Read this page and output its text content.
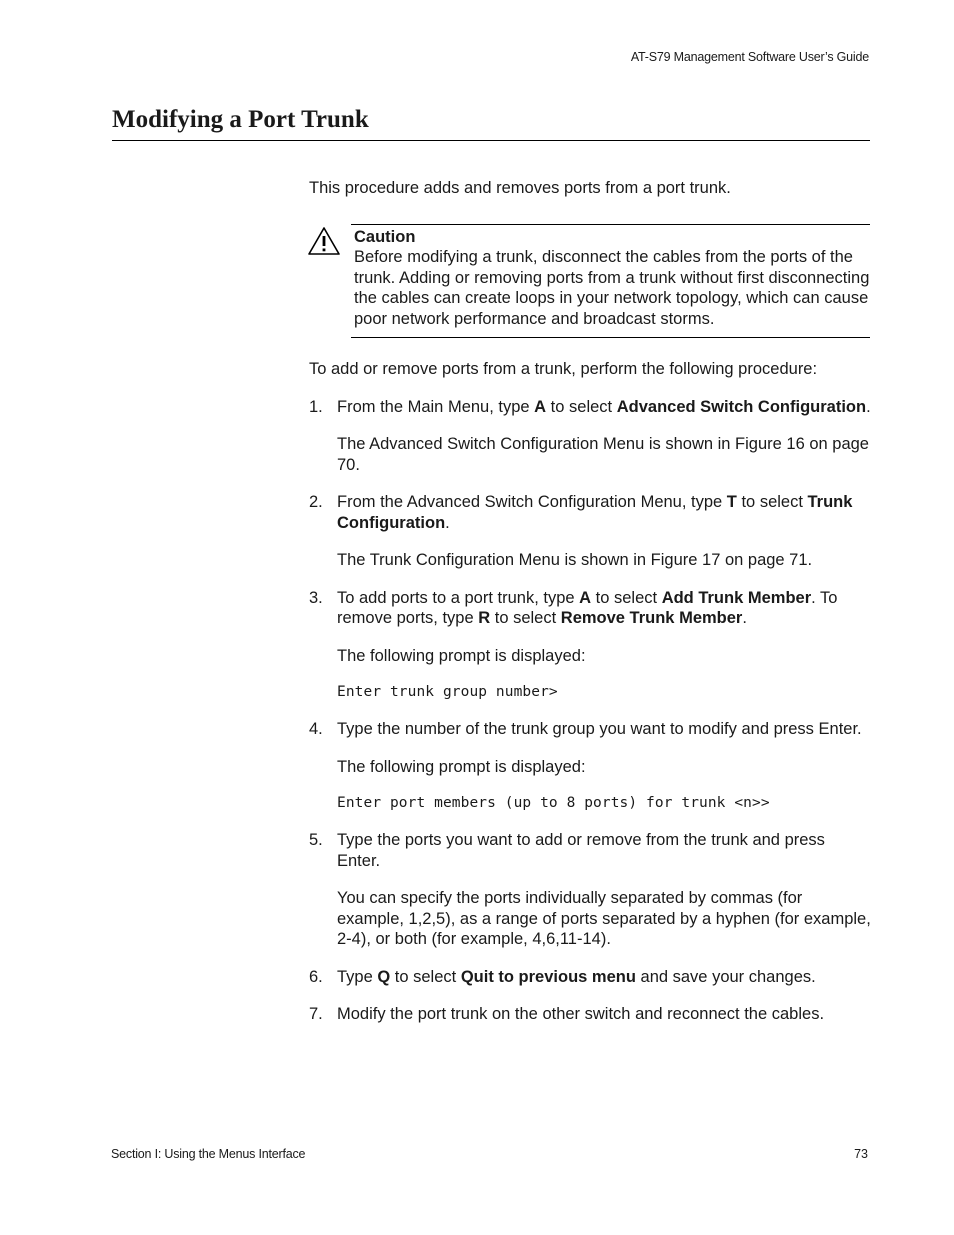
AT-S79 Management Software User’s Guide
Modifying a Port Trunk

This procedure adds and removes ports from a port trunk.

Caution

Before modifying a trunk, disconnect the cables from the ports of the trunk. Adding or removing ports from a trunk without first disconnecting the cables can create loops in your network topology, which can cause poor network performance and broadcast storms.

To add or remove ports from a trunk, perform the following procedure:

1. From the Main Menu, type A to select Advanced Switch Configuration.

The Advanced Switch Configuration Menu is shown in Figure 16 on page 70.

2. From the Advanced Switch Configuration Menu, type T to select Trunk Configuration.

The Trunk Configuration Menu is shown in Figure 17 on page 71.

3. To add ports to a port trunk, type A to select Add Trunk Member. To remove ports, type R to select Remove Trunk Member.

The following prompt is displayed:

Enter trunk group number>
4. Type the number of the trunk group you want to modify and press Enter.

The following prompt is displayed:

Enter port members (up to 8 ports) for trunk <n>>
5. Type the ports you want to add or remove from the trunk and press Enter.

You can specify the ports individually separated by commas (for example, 1,2,5), as a range of ports separated by a hyphen (for example, 2-4), or both (for example, 4,6,11-14).

6. Type Q to select Quit to previous menu and save your changes.

7. Modify the port trunk on the other switch and reconnect the cables.

Section I: Using the Menus Interface	73
